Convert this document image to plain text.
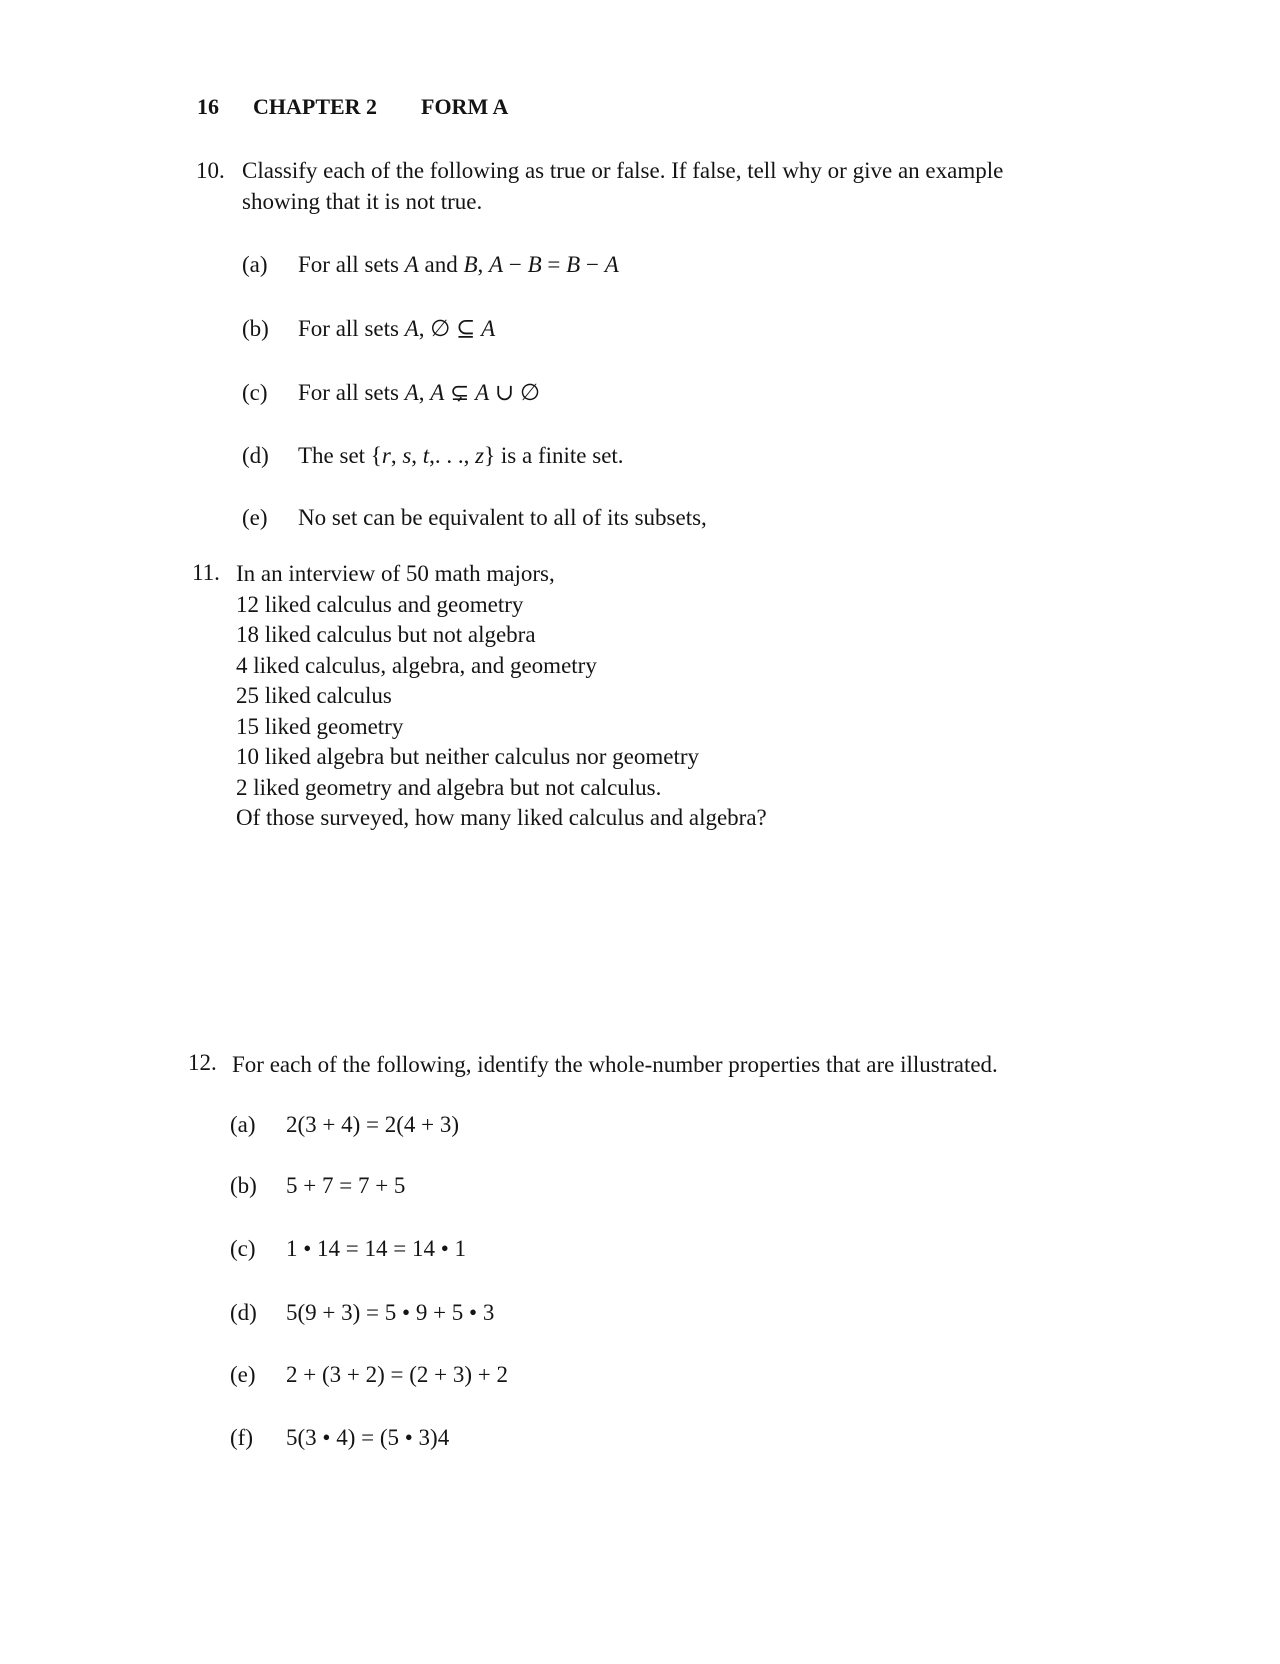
16 CHAPTER 2 FORM A
10. Classify each of the following as true or false. If false, tell why or give an example
showing that it is not true.
(a) For all sets A and B, A − B = B − A
(b) For all sets A, ∅ ⊆ A
(c) For all sets A, A ⊊ A ∪ ∅
(d) The set {r, s, t,. . ., z} is a finite set.
(e) No set can be equivalent to all of its subsets,
11. In an interview of 50 math majors,
12 liked calculus and geometry
18 liked calculus but not algebra
4 liked calculus, algebra, and geometry
25 liked calculus
15 liked geometry
10 liked algebra but neither calculus nor geometry
2 liked geometry and algebra but not calculus.
Of those surveyed, how many liked calculus and algebra?
12. For each of the following, identify the whole-number properties that are illustrated.
(a) 2(3 + 4) = 2(4 + 3)
(b) 5 + 7 = 7 + 5
(c) 1 • 14 = 14 = 14 • 1
(d) 5(9 + 3) = 5 • 9 + 5 • 3
(e) 2 + (3 + 2) = (2 + 3) + 2
(f) 5(3 • 4) = (5 • 3)4
